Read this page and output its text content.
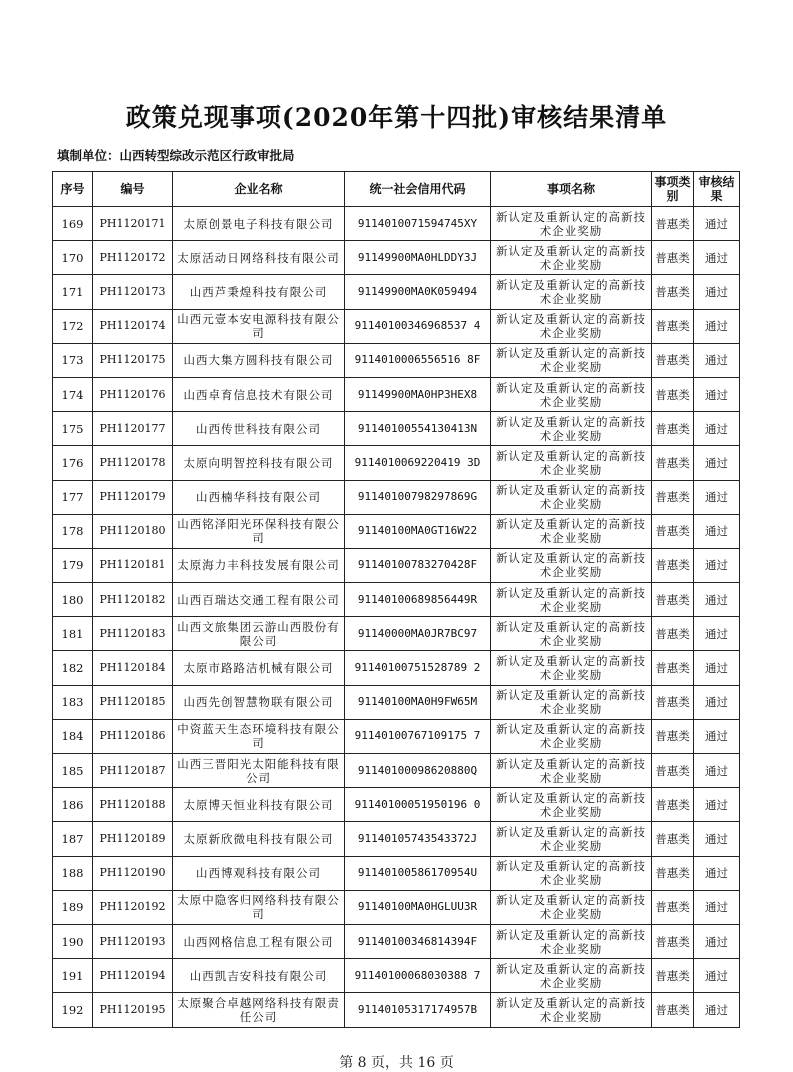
政策兑现事项(2020年第十四批)审核结果清单
填制单位：山西转型综改示范区行政审批局
序号	编号	企业名称	统一社会信用代码	事项名称	事项类别	审核结果
169	PH1120171	太原创景电子科技有限公司	9114010071594745XY	新认定及重新认定的高新技术企业奖励	普惠类	通过
170	PH1120172	太原活动日网络科技有限公司	91149900MA0HLDDY3J	新认定及重新认定的高新技术企业奖励	普惠类	通过
171	PH1120173	山西芦秉煌科技有限公司	91149900MA0K059494	新认定及重新认定的高新技术企业奖励	普惠类	通过
172	PH1120174	山西元壹本安电源科技有限公司	91140100346968537 4	新认定及重新认定的高新技术企业奖励	普惠类	通过
173	PH1120175	山西大集方圆科技有限公司	9114010006556516 8F	新认定及重新认定的高新技术企业奖励	普惠类	通过
174	PH1120176	山西卓育信息技术有限公司	91149900MA0HP3HEX8	新认定及重新认定的高新技术企业奖励	普惠类	通过
175	PH1120177	山西传世科技有限公司	91140100554130413N	新认定及重新认定的高新技术企业奖励	普惠类	通过
176	PH1120178	太原向明智控科技有限公司	9114010069220419 3D	新认定及重新认定的高新技术企业奖励	普惠类	通过
177	PH1120179	山西楠华科技有限公司	91140100798297869G	新认定及重新认定的高新技术企业奖励	普惠类	通过
178	PH1120180	山西铭泽阳光环保科技有限公司	91140100MA0GT16W22	新认定及重新认定的高新技术企业奖励	普惠类	通过
179	PH1120181	太原海力丰科技发展有限公司	91140100783270428F	新认定及重新认定的高新技术企业奖励	普惠类	通过
180	PH1120182	山西百瑞达交通工程有限公司	91140100689856449R	新认定及重新认定的高新技术企业奖励	普惠类	通过
181	PH1120183	山西文旅集团云游山西股份有限公司	91140000MA0JR7BC97	新认定及重新认定的高新技术企业奖励	普惠类	通过
182	PH1120184	太原市路路洁机械有限公司	91140100751528789 2	新认定及重新认定的高新技术企业奖励	普惠类	通过
183	PH1120185	山西先创智慧物联有限公司	91140100MA0H9FW65M	新认定及重新认定的高新技术企业奖励	普惠类	通过
184	PH1120186	中资蓝天生态环境科技有限公司	91140100767109175 7	新认定及重新认定的高新技术企业奖励	普惠类	通过
185	PH1120187	山西三晋阳光太阳能科技有限公司	91140100098620880Q	新认定及重新认定的高新技术企业奖励	普惠类	通过
186	PH1120188	太原博天恒业科技有限公司	91140100051950196 0	新认定及重新认定的高新技术企业奖励	普惠类	通过
187	PH1120189	太原新欣微电科技有限公司	91140105743543372J	新认定及重新认定的高新技术企业奖励	普惠类	通过
188	PH1120190	山西博观科技有限公司	91140100586170954U	新认定及重新认定的高新技术企业奖励	普惠类	通过
189	PH1120192	太原中隐客归网络科技有限公司	91140100MA0HGLUU3R	新认定及重新认定的高新技术企业奖励	普惠类	通过
190	PH1120193	山西网格信息工程有限公司	91140100346814394F	新认定及重新认定的高新技术企业奖励	普惠类	通过
191	PH1120194	山西凯吉安科技有限公司	91140100068030388 7	新认定及重新认定的高新技术企业奖励	普惠类	通过
192	PH1120195	太原聚合卓越网络科技有限责任公司	91140105317174957B	新认定及重新认定的高新技术企业奖励	普惠类	通过
第 8 页，共 16 页
